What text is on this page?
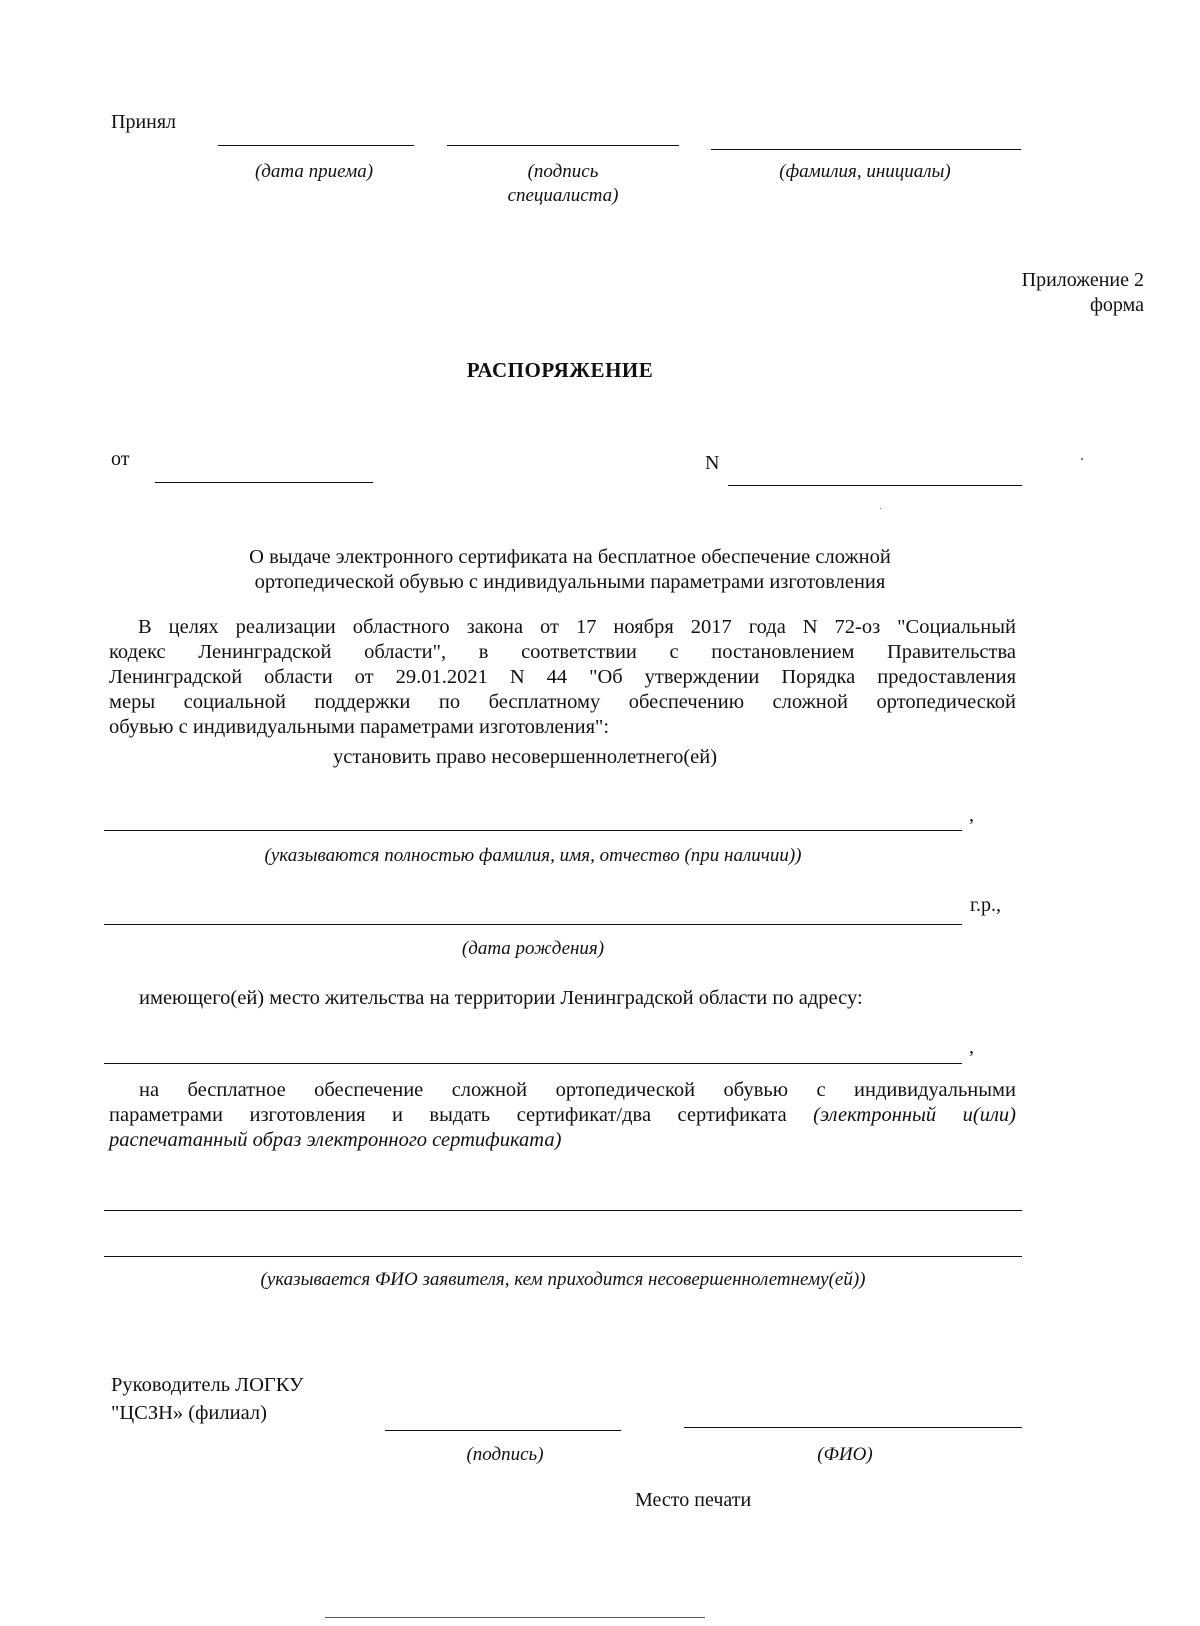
Принял
(дата приема)	(подпись
специалиста)
(фамилия, инициалы)
Приложение 2
форма
РАСПОРЯЖЕНИЕ
от	N
О выдаче электронного сертификата на бесплатное обеспечение сложной
ортопедической обувью с индивидуальными параметрами изготовления
В целях реализации областного закона от 17 ноября 2017 года N 72-оз "Социальный
кодекс Ленинградской области", в соответствии с постановлением Правительства
Ленинградской области от 29.01.2021 N 44 "Об утверждении Порядка предоставления
меры социальной поддержки по бесплатному обеспечению сложной ортопедической
обувью с индивидуальными параметрами изготовления":
установить право несовершеннолетнего(ей)
,
(указываются полностью фамилия, имя, отчество (при наличии))
г.р.,
(дата рождения)
имеющего(ей) место жительства на территории Ленинградской области по адресу:
,
на бесплатное обеспечение сложной ортопедической обувью с индивидуальными
параметрами изготовления и выдать сертификат/два сертификата (электронный и(или)
распечатанный образ электронного сертификата)
(указывается ФИО заявителя, кем приходится несовершеннолетнему(ей))
Руководитель ЛОГКУ
"ЦСЗН» (филиал)
(подпись)	(ФИО)
Место печати
